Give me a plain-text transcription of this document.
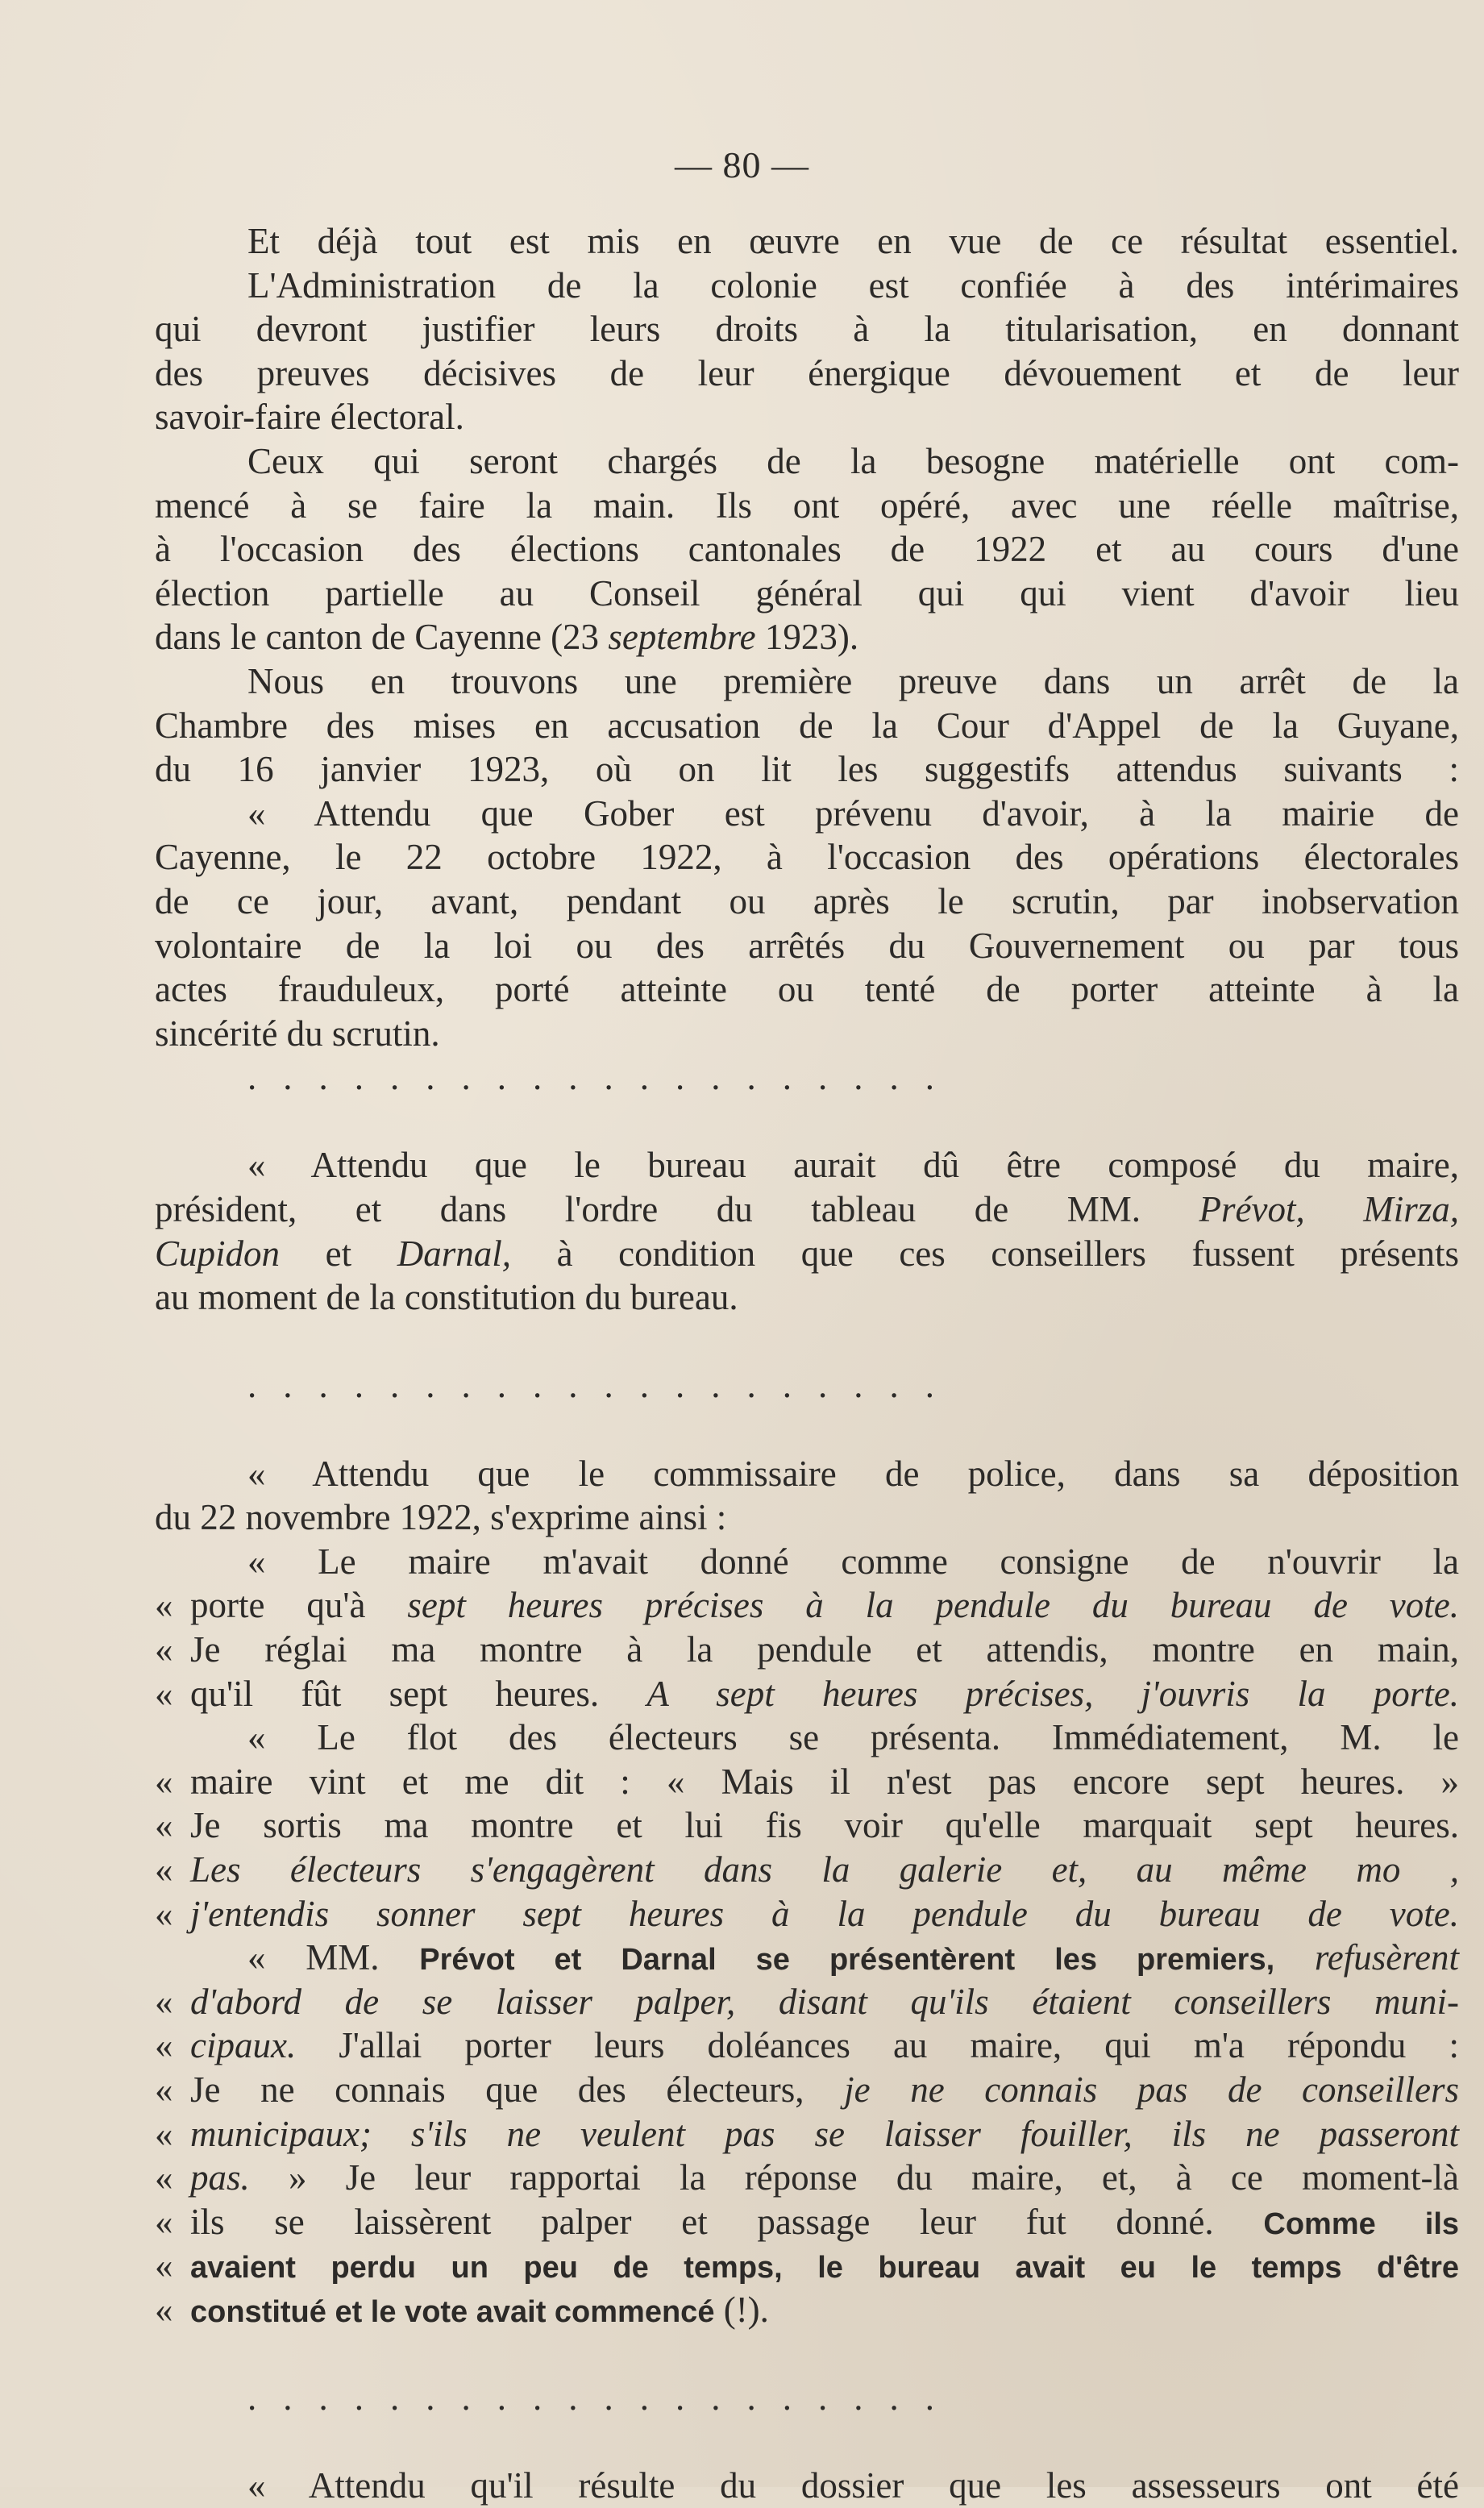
— 80 —
Et déjà tout est mis en œuvre en vue de ce résultat essentiel.
L'Administration de la colonie est confiée à des intérimaires
qui devront justifier leurs droits à la titularisation, en donnant
des preuves décisives de leur énergique dévouement et de leur
savoir-faire électoral.
Ceux qui seront chargés de la besogne matérielle ont com-
mencé à se faire la main. Ils ont opéré, avec une réelle maîtrise,
à l'occasion des élections cantonales de 1922 et au cours d'une
élection partielle au Conseil général qui qui vient d'avoir lieu
dans le canton de Cayenne (23 septembre 1923).
Nous en trouvons une première preuve dans un arrêt de la
Chambre des mises en accusation de la Cour d'Appel de la Guyane,
du 16 janvier 1923, où on lit les suggestifs attendus suivants :
« Attendu que Gober est prévenu d'avoir, à la mairie de
Cayenne, le 22 octobre 1922, à l'occasion des opérations électorales
de ce jour, avant, pendant ou après le scrutin, par inobservation
volontaire de la loi ou des arrêtés du Gouvernement ou par tous
actes frauduleux, porté atteinte ou tenté de porter atteinte à la
sincérité du scrutin.
....................
« Attendu que le bureau aurait dû être composé du maire,
président, et dans l'ordre du tableau de MM. Prévot, Mirza,
Cupidon et Darnal, à condition que ces conseillers fussent présents
au moment de la constitution du bureau.
....................
« Attendu que le commissaire de police, dans sa déposition
du 22 novembre 1922, s'exprime ainsi :
« Le maire m'avait donné comme consigne de n'ouvrir la
« porte qu'à sept heures précises à la pendule du bureau de vote.
« Je réglai ma montre à la pendule et attendis, montre en main,
« qu'il fût sept heures. A sept heures précises, j'ouvris la porte.
« Le flot des électeurs se présenta. Immédiatement, M. le
« maire vint et me dit : « Mais il n'est pas encore sept heures. »
« Je sortis ma montre et lui fis voir qu'elle marquait sept heures.
« Les électeurs s'engagèrent dans la galerie et, au même mo ,
« j'entendis sonner sept heures à la pendule du bureau de vote.
« MM. Prévot et Darnal se présentèrent les premiers, refusèrent
« d'abord de se laisser palper, disant qu'ils étaient conseillers muni-
« cipaux. J'allai porter leurs doléances au maire, qui m'a répondu :
« Je ne connais que des électeurs, je ne connais pas de conseillers
« municipaux; s'ils ne veulent pas se laisser fouiller, ils ne passeront
« pas. » Je leur rapportai la réponse du maire, et, à ce moment-là
« ils se laissèrent palper et passage leur fut donné. Comme ils
« avaient perdu un peu de temps, le bureau avait eu le temps d'être
« constitué et le vote avait commencé (!).
....................
« Attendu qu'il résulte du dossier que les assesseurs ont été
